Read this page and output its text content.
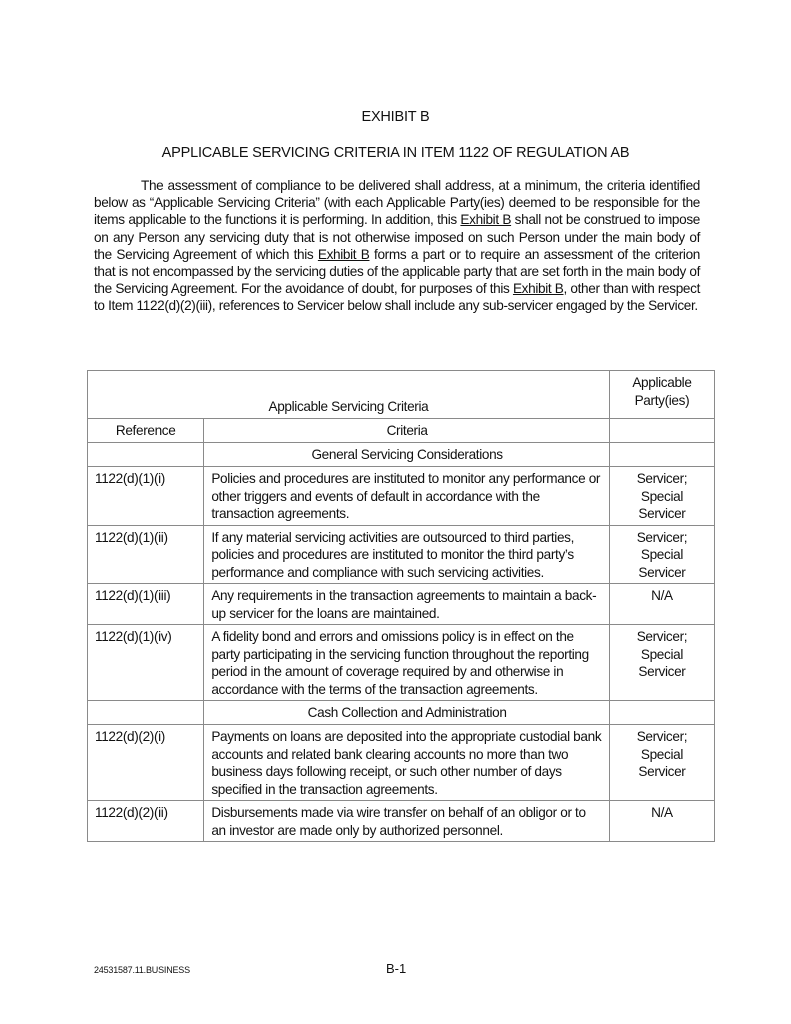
EXHIBIT B
APPLICABLE SERVICING CRITERIA IN ITEM 1122 OF REGULATION AB

The assessment of compliance to be delivered shall address, at a minimum, the criteria identified below as “Applicable Servicing Criteria” (with each Applicable Party(ies) deemed to be responsible for the items applicable to the functions it is performing. In addition, this Exhibit B shall not be construed to impose on any Person any servicing duty that is not otherwise imposed on such Person under the main body of the Servicing Agreement of which this Exhibit B forms a part or to require an assessment of the criterion that is not encompassed by the servicing duties of the applicable party that are set forth in the main body of the Servicing Agreement. For the avoidance of doubt, for purposes of this Exhibit B, other than with respect to Item 1122(d)(2)(iii), references to Servicer below shall include any sub-servicer engaged by the Servicer.

Applicable Servicing Criteria		Applicable Party(ies)
Reference	Criteria	
	General Servicing Considerations	
1122(d)(1)(i)	Policies and procedures are instituted to monitor any performance or other triggers and events of default in accordance with the transaction agreements.	Servicer; Special Servicer

1122(d)(1)(ii)	If any material servicing activities are outsourced to third parties, policies and procedures are instituted to monitor the third party’s performance and compliance with such servicing activities.	Servicer; Special Servicer

1122(d)(1)(iii)	Any requirements in the transaction agreements to maintain a back-up servicer for the loans are maintained.	N/A

1122(d)(1)(iv)	A fidelity bond and errors and omissions policy is in effect on the party participating in the servicing function throughout the reporting period in the amount of coverage required by and otherwise in accordance with the terms of the transaction agreements.	Servicer; Special Servicer

	Cash Collection and Administration	
1122(d)(2)(i)	Payments on loans are deposited into the appropriate custodial bank accounts and related bank clearing accounts no more than two business days following receipt, or such other number of days specified in the transaction agreements.	Servicer; Special Servicer

1122(d)(2)(ii)	Disbursements made via wire transfer on behalf of an obligor or to an investor are made only by authorized personnel.	N/A
24531587.11.BUSINESS	B-1
